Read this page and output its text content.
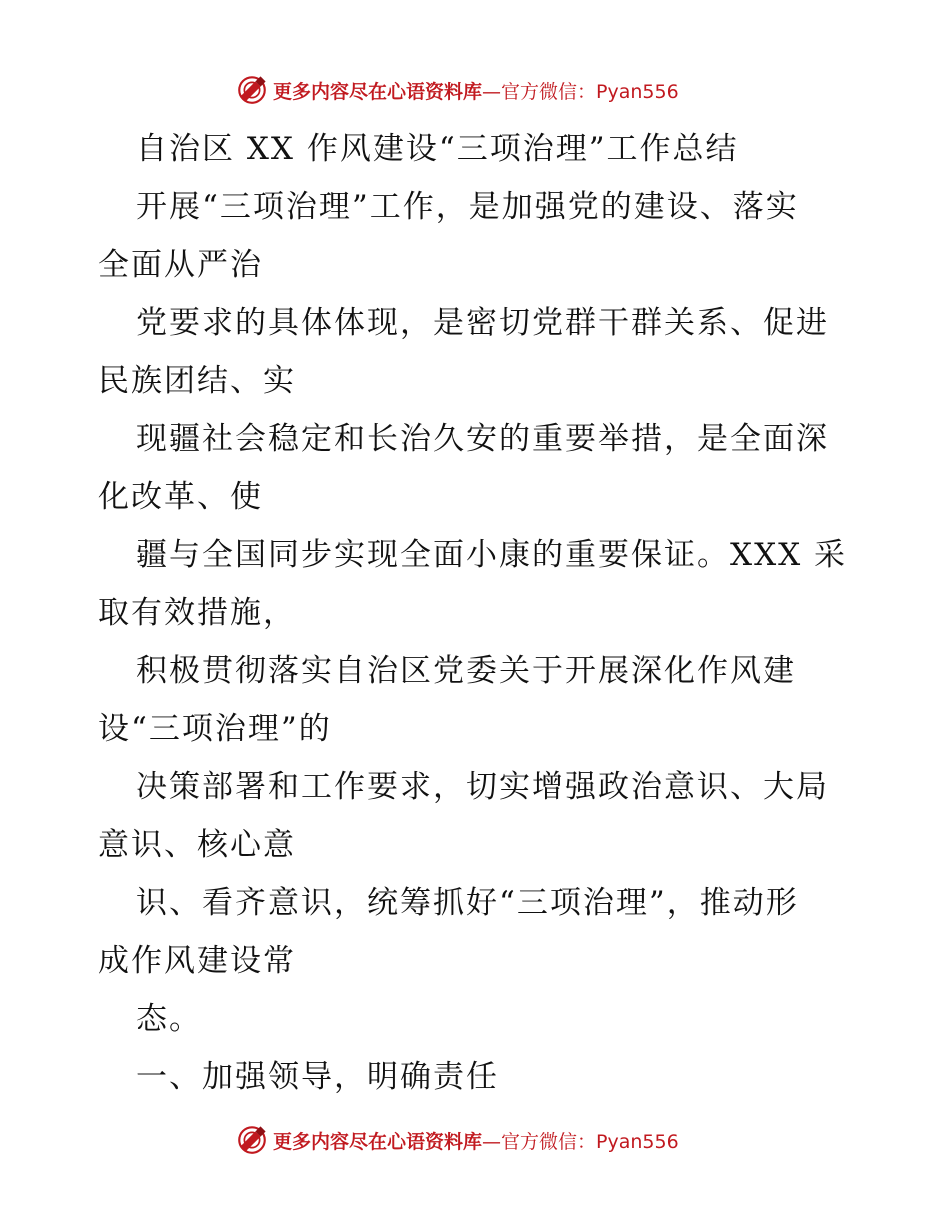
更多内容尽在心语资料库 —官方微信：Pyan556
自治区 XX 作风建设“三项治理”工作总结
开展“三项治理”工作，是加强党的建设、落实
全面从严治
党要求的具体体现，是密切党群干群关系、促进
民族团结、实
现疆社会稳定和长治久安的重要举措，是全面深
化改革、使
疆与全国同步实现全面小康的重要保证。XXX 采
取有效措施，
积极贯彻落实自治区党委关于开展深化作风建
设“三项治理”的
决策部署和工作要求，切实增强政治意识、大局
意识、核心意
识、看齐意识，统筹抓好“三项治理”，推动形
成作风建设常
态。
一、加强领导，明确责任
更多内容尽在心语资料库 —官方微信：Pyan556
